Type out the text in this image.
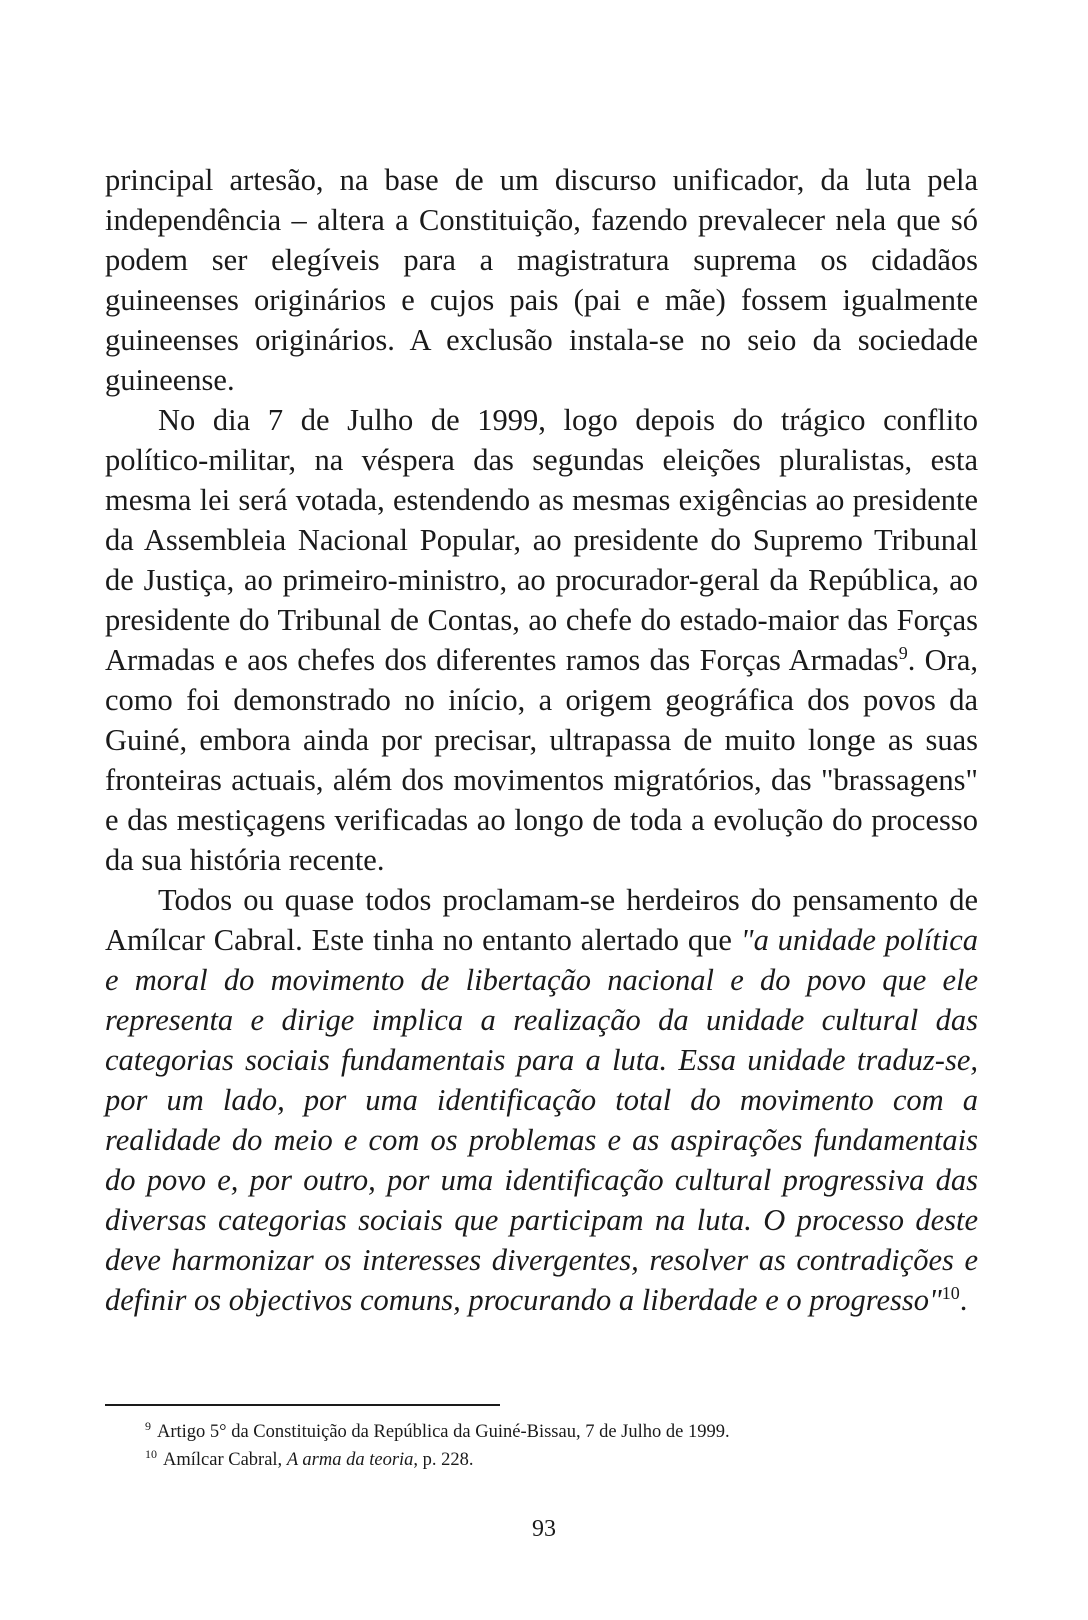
principal artesão, na base de um discurso unificador, da luta pela independência – altera a Constituição, fazendo prevalecer nela que só podem ser elegíveis para a magistratura suprema os cidadãos guineenses originários e cujos pais (pai e mãe) fossem igualmente guineenses originários. A exclusão instala-se no seio da sociedade guineense.

No dia 7 de Julho de 1999, logo depois do trágico conflito político-militar, na véspera das segundas eleições pluralistas, esta mesma lei será votada, estendendo as mesmas exigências ao presidente da Assembleia Nacional Popular, ao presidente do Supremo Tribunal de Justiça, ao primeiro-ministro, ao procurador-geral da República, ao presidente do Tribunal de Contas, ao chefe do estado-maior das Forças Armadas e aos chefes dos diferentes ramos das Forças Armadas$^9$. Ora, como foi demonstrado no início, a origem geográfica dos povos da Guiné, embora ainda por precisar, ultrapassa de muito longe as suas fronteiras actuais, além dos movimentos migratórios, das "brassagens" e das mestiçagens verificadas ao longo de toda a evolução do processo da sua história recente.

Todos ou quase todos proclamam-se herdeiros do pensamento de Amílcar Cabral. Este tinha no entanto alertado que "a unidade política e moral do movimento de libertação nacional e do povo que ele representa e dirige implica a realização da unidade cultural das categorias sociais fundamentais para a luta. Essa unidade traduz-se, por um lado, por uma identificação total do movimento com a realidade do meio e com os problemas e as aspirações fundamentais do povo e, por outro, por uma identificação cultural progressiva das diversas categorias sociais que participam na luta. O processo deste deve harmonizar os interesses divergentes, resolver as contradições e definir os objectivos comuns, procurando a liberdade e o progresso"$^{10}$.

$^9$ Artigo 5° da Constituição da República da Guiné-Bissau, 7 de Julho de 1999.

$^{10}$ Amílcar Cabral, A arma da teoria, p. 228.

93
